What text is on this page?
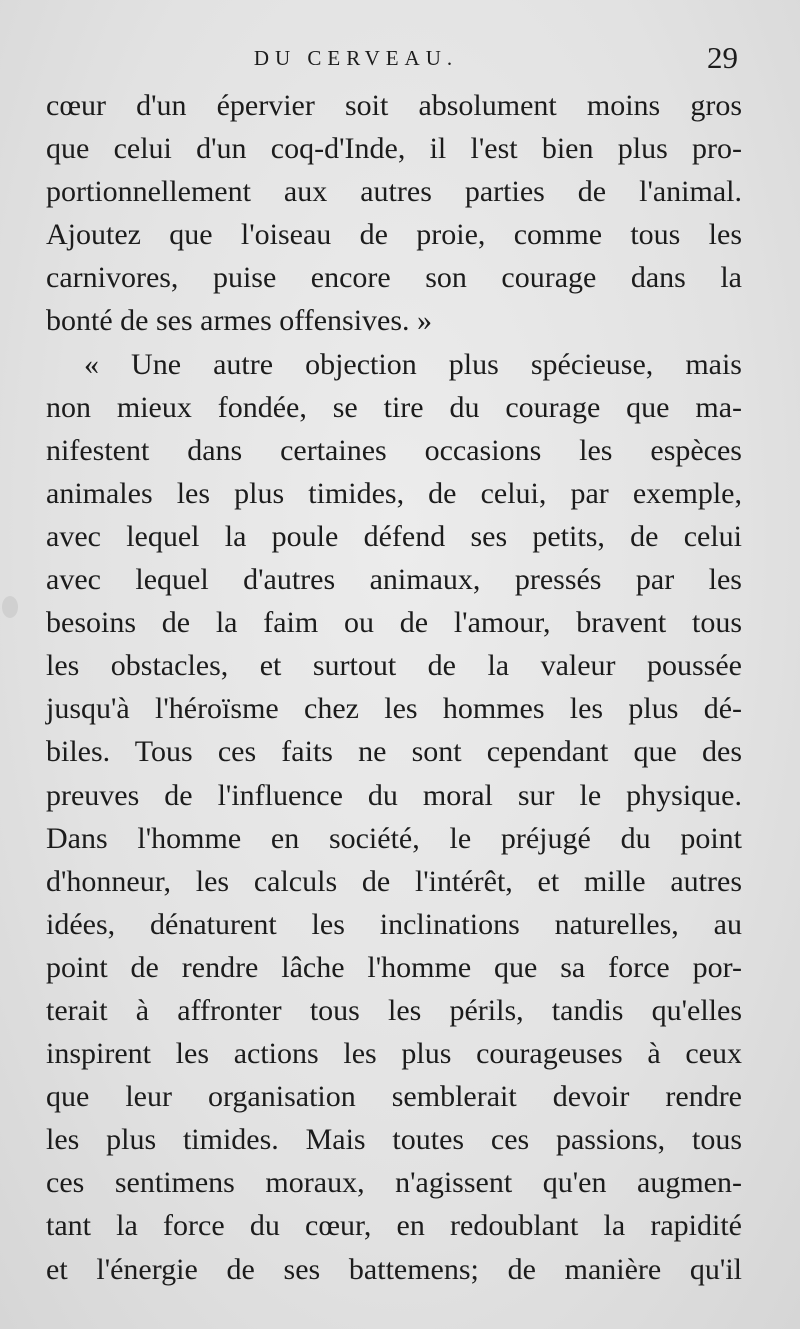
DU CERVEAU.	29
cœur d'un épervier soit absolument moins gros
que celui d'un coq-d'Inde, il l'est bien plus pro-
portionnellement aux autres parties de l'animal.
Ajoutez que l'oiseau de proie, comme tous les
carnivores, puise encore son courage dans la
bonté de ses armes offensives. »
« Une autre objection plus spécieuse, mais
non mieux fondée, se tire du courage que ma-
nifestent dans certaines occasions les espèces
animales les plus timides, de celui, par exemple,
avec lequel la poule défend ses petits, de celui
avec lequel d'autres animaux, pressés par les
besoins de la faim ou de l'amour, bravent tous
les obstacles, et surtout de la valeur poussée
jusqu'à l'héroïsme chez les hommes les plus dé-
biles. Tous ces faits ne sont cependant que des
preuves de l'influence du moral sur le physique.
Dans l'homme en société, le préjugé du point
d'honneur, les calculs de l'intérêt, et mille autres
idées, dénaturent les inclinations naturelles, au
point de rendre lâche l'homme que sa force por-
terait à affronter tous les périls, tandis qu'elles
inspirent les actions les plus courageuses à ceux
que leur organisation semblerait devoir rendre
les plus timides. Mais toutes ces passions, tous
ces sentimens moraux, n'agissent qu'en augmen-
tant la force du cœur, en redoublant la rapidité
et l'énergie de ses battemens; de manière qu'il
